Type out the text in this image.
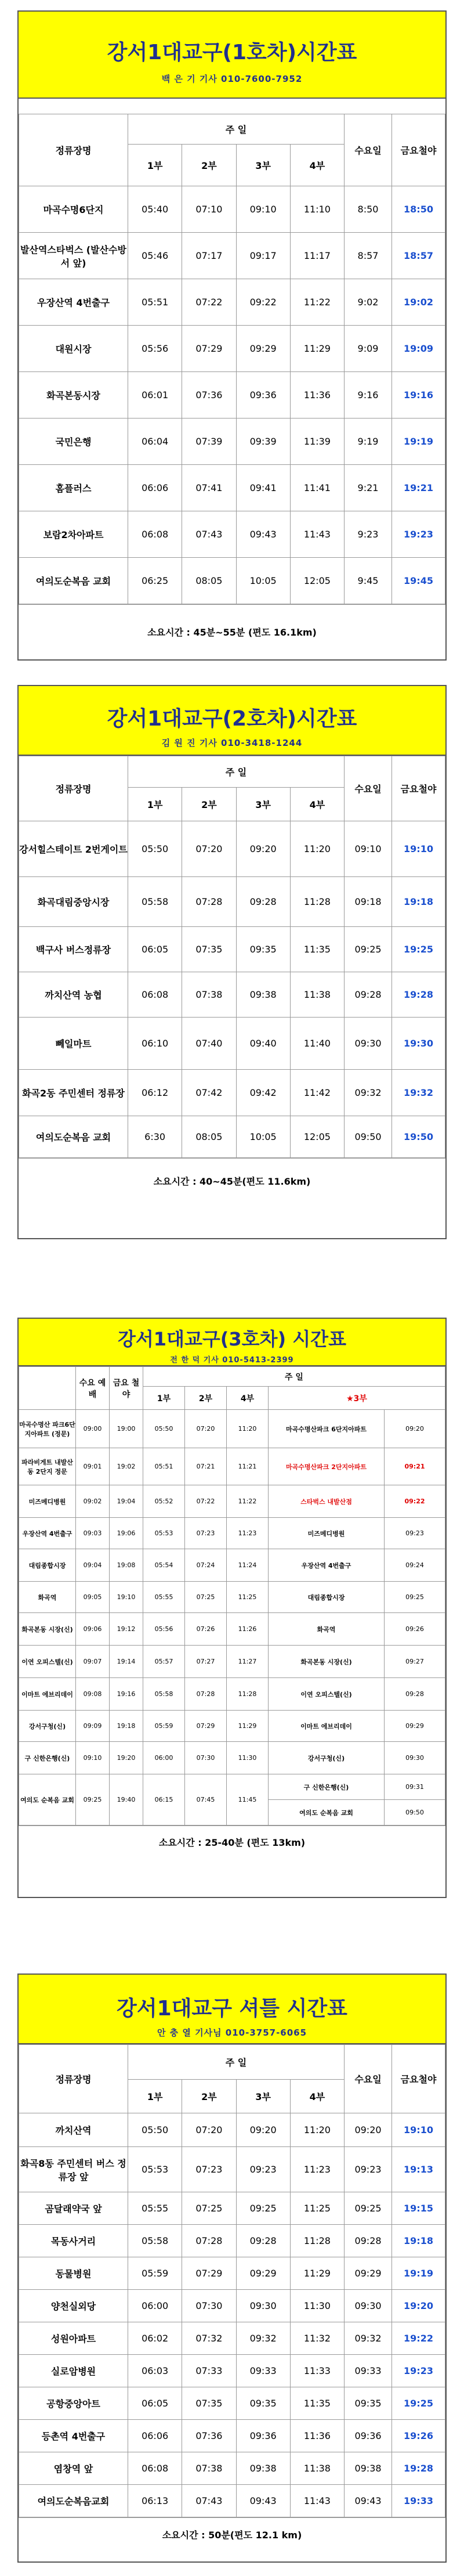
강서1대교구(1호차)시간표
백 은 기 기사 010-7600-7952
정류장명	주 일				수요일	금요철야
	1부	2부	3부	4부		
마곡수명6단지	05:40	07:10	09:10	11:10	8:50	18:50
발산역스타벅스 (발산수방서 앞)	05:46	07:17	09:17	11:17	8:57	18:57
우장산역 4번출구	05:51	07:22	09:22	11:22	9:02	19:02
대원시장	05:56	07:29	09:29	11:29	9:09	19:09
화곡본동시장	06:01	07:36	09:36	11:36	9:16	19:16
국민은행	06:04	07:39	09:39	11:39	9:19	19:19
홈플러스	06:06	07:41	09:41	11:41	9:21	19:21
보람2차아파트	06:08	07:43	09:43	11:43	9:23	19:23
여의도순복음 교회	06:25	08:05	10:05	12:05	9:45	19:45
소요시간 : 45분~55분 (편도 16.1km)
강서1대교구(2호차)시간표
김 원 진 기사 010-3418-1244
정류장명	주 일				수요일	금요철야
	1부	2부	3부	4부		
강서힐스테이트 2번게이트	05:50	07:20	09:20	11:20	09:10	19:10
화곡대림중앙시장	05:58	07:28	09:28	11:28	09:18	19:18
백구사 버스정류장	06:05	07:35	09:35	11:35	09:25	19:25
까치산역 농협	06:08	07:38	09:38	11:38	09:28	19:28
뻬일마트	06:10	07:40	09:40	11:40	09:30	19:30
화곡2동 주민센터 정류장	06:12	07:42	09:42	11:42	09:32	19:32
여의도순복음 교회	6:30	08:05	10:05	12:05	09:50	19:50
소요시간 : 40~45분(편도 11.6km)
강서1대교구(3호차) 시간표
전 한 덕 기사 010-5413-2399
	수요 예배	금요 철야	주 일				
			1부	2부	4부	★3부	
마곡수명산 파크6단지아파트 (정문)	09:00	19:00	05:50	07:20	11:20	마곡수명산파크 6단지아파트	09:20
파라비게트 내발산동 2단지 정문	09:01	19:02	05:51	07:21	11:21	마곡수명산파크 2단지아파트	09:21
미즈메디병원	09:02	19:04	05:52	07:22	11:22	스타벅스 내발산점	09:22
우장산역 4번출구	09:03	19:06	05:53	07:23	11:23	미즈메디병원	09:23
대림종합시장	09:04	19:08	05:54	07:24	11:24	우장산역 4번출구	09:24
화곡역	09:05	19:10	05:55	07:25	11:25	대림종합시장	09:25
화곡본동 시장(신)	09:06	19:12	05:56	07:26	11:26	화곡역	09:26
이연 오피스텔(신)	09:07	19:14	05:57	07:27	11:27	화곡본동 시장(신)	09:27
이마트 에브리데이	09:08	19:16	05:58	07:28	11:28	이연 오피스텔(신)	09:28
강서구청(신)	09:09	19:18	05:59	07:29	11:29	이마트 에브리데이	09:29
구 신한은행(신)	09:10	19:20	06:00	07:30	11:30	강서구청(신)	09:30
여의도 순복음 교회	09:25	19:40	06:15	07:45	11:45	구 신한은행(신)	09:31
						여의도 순복음 교회	09:50
소요시간 : 25-40분 (편도 13km)
강서1대교구 셔틀 시간표
안 충 열 기사님 010-3757-6065
정류장명	주 일				수요일	금요철야
	1부	2부	3부	4부		
까치산역	05:50	07:20	09:20	11:20	09:20	19:10
화곡8동 주민센터 버스 정류장 앞	05:53	07:23	09:23	11:23	09:23	19:13
곰달래약국 앞	05:55	07:25	09:25	11:25	09:25	19:15
목동사거리	05:58	07:28	09:28	11:28	09:28	19:18
동물병원	05:59	07:29	09:29	11:29	09:29	19:19
양천실외당	06:00	07:30	09:30	11:30	09:30	19:20
성원아파트	06:02	07:32	09:32	11:32	09:32	19:22
실로암병원	06:03	07:33	09:33	11:33	09:33	19:23
공항중앙아트	06:05	07:35	09:35	11:35	09:35	19:25
등촌역 4번출구	06:06	07:36	09:36	11:36	09:36	19:26
염창역 앞	06:08	07:38	09:38	11:38	09:38	19:28
여의도순복음교회	06:13	07:43	09:43	11:43	09:43	19:33
소요시간 : 50분(편도 12.1 km)
